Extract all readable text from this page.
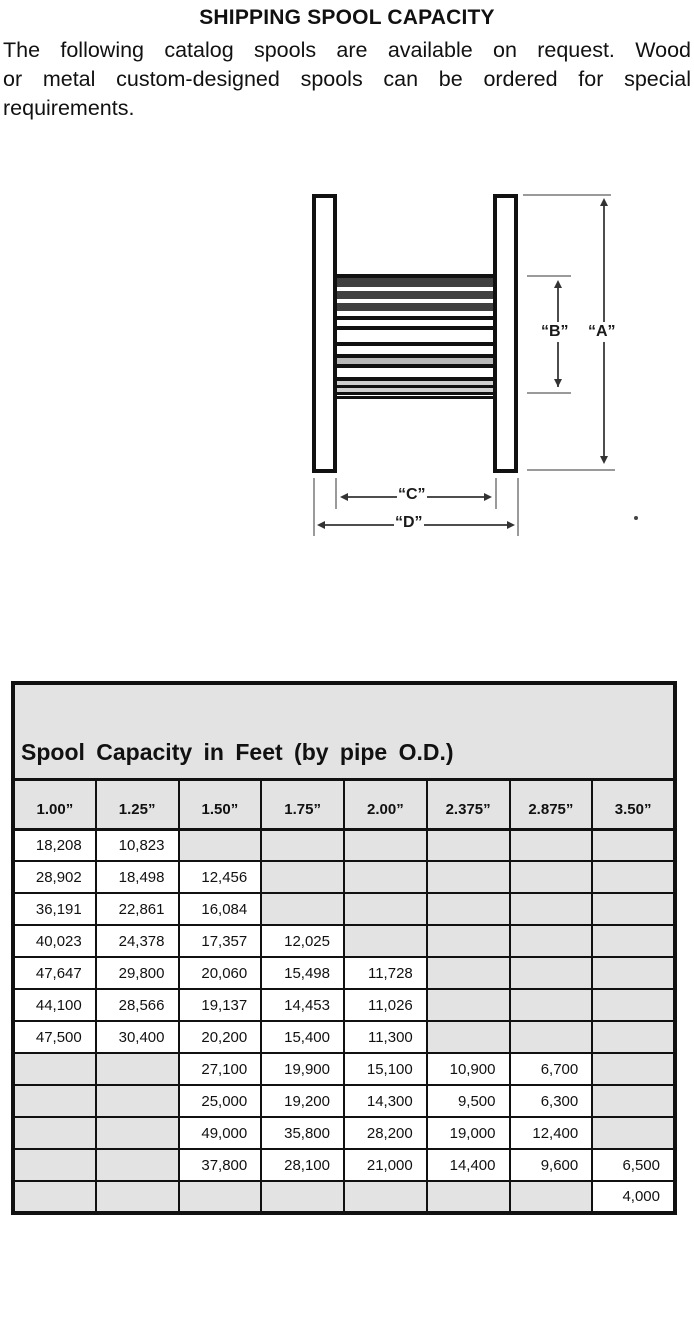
SHIPPING SPOOL CAPACITY
The following catalog spools are available on request. Wood
or metal custom-designed spools can be ordered for special
requirements.
“A”
“B”
“C”
“D”
Spool Capacity in Feet (by pipe O.D.)							
1.00”	1.25”	1.50”	1.75”	2.00”	2.375”	2.875”	3.50”
18,208	10,823						
28,902	18,498	12,456					
36,191	22,861	16,084					
40,023	24,378	17,357	12,025				
47,647	29,800	20,060	15,498	11,728			
44,100	28,566	19,137	14,453	11,026			
47,500	30,400	20,200	15,400	11,300			
		27,100	19,900	15,100	10,900	6,700	
		25,000	19,200	14,300	9,500	6,300	
		49,000	35,800	28,200	19,000	12,400	
		37,800	28,100	21,000	14,400	9,600	6,500
							4,000
